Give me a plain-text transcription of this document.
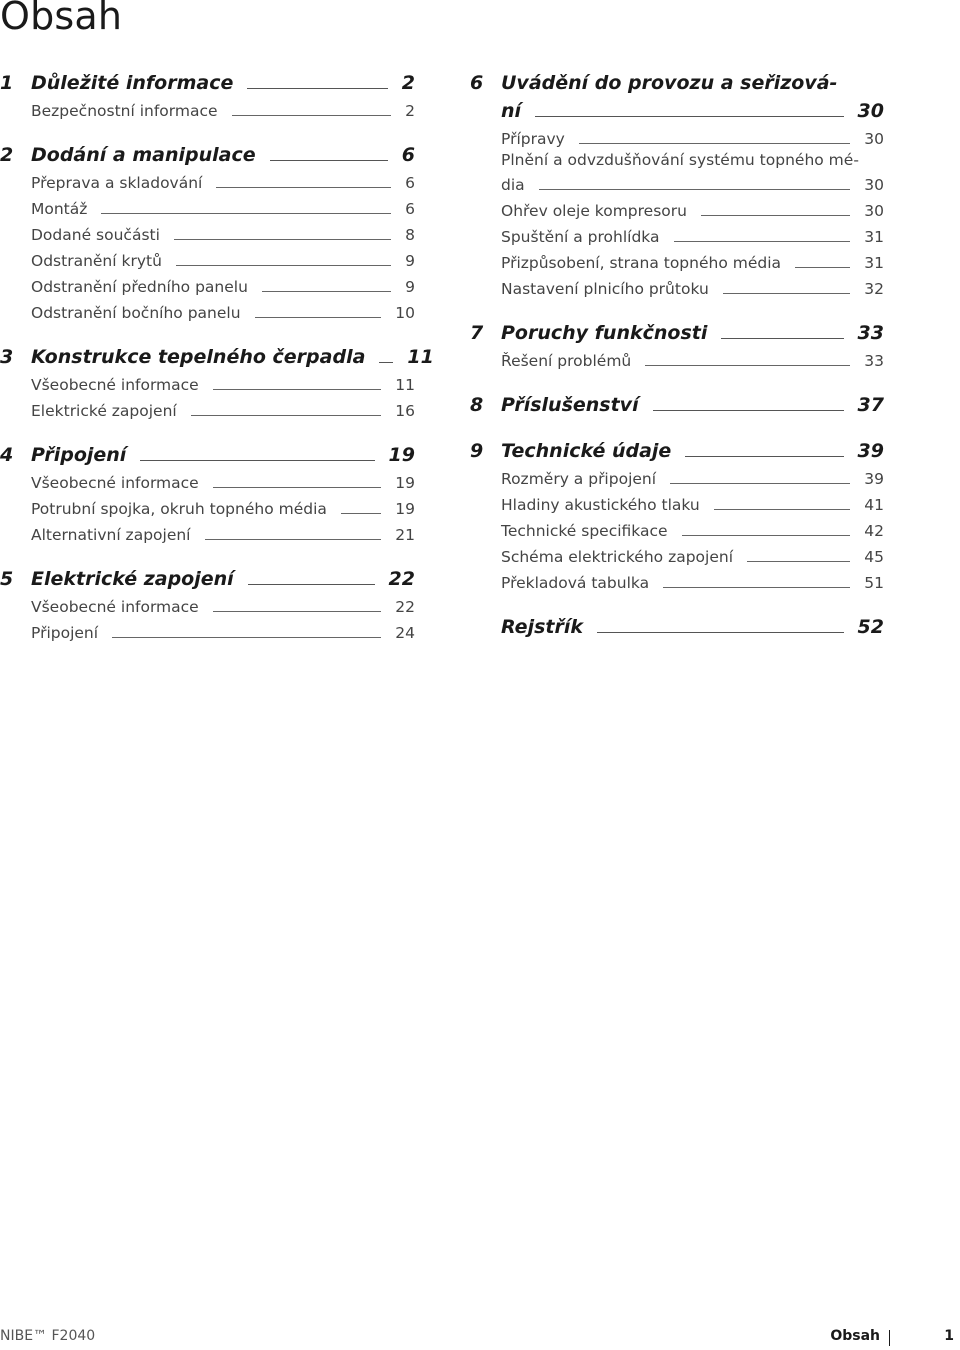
Obsah
1 Důležité informace	2
Bezpečnostní informace	2
2 Dodání a manipulace	6
Přeprava a skladování	6
Montáž	6
Dodané součásti	8
Odstranění krytů	9
Odstranění předního panelu	9
Odstranění bočního panelu	10
3 Konstrukce tepelného čerpadla 11
Všeobecné informace	11
Elektrické zapojení	16
4 Připojení	19
Všeobecné informace	19
Potrubní spojka, okruh topného média	19
Alternativní zapojení	21
5 Elektrické zapojení	22
Všeobecné informace	22
Připojení	24
6 Uvádění do provozu a seřizová-
ní	30
Přípravy	30
Plnění a odvzdušňování systému topného mé-
dia	30
Ohřev oleje kompresoru	30
Spuštění a prohlídka	31
Přizpůsobení, strana topného média	31
Nastavení plnicího průtoku	32
7 Poruchy funkčnosti	33
Řešení problémů	33
8 Příslušenství	37
9 Technické údaje	39
Rozměry a připojení	39
Hladiny akustického tlaku	41
Technické specifikace	42
Schéma elektrického zapojení	45
Překladová tabulka	51
Rejstřík	52
NIBE™ F2040	Obsah	1
